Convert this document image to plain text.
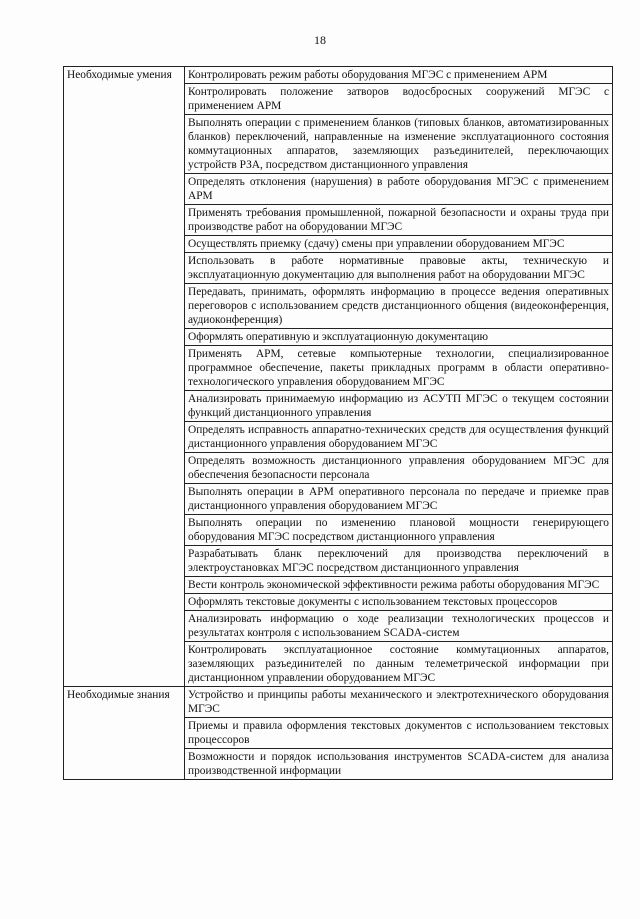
18
Необходимые умения	Контролировать режим работы оборудования МГЭС с применением АРМ
	Контролировать положение затворов водосбросных сооружений МГЭС с применением АРМ
	Выполнять операции с применением бланков (типовых бланков, автоматизированных бланков) переключений, направленные на изменение эксплуатационного состояния коммутационных аппаратов, заземляющих разъединителей, переключающих устройств РЗА, посредством дистанционного управления
	Определять отклонения (нарушения) в работе оборудования МГЭС с применением АРМ
	Применять требования промышленной, пожарной безопасности и охраны труда при производстве работ на оборудовании МГЭС
	Осуществлять приемку (сдачу) смены при управлении оборудованием МГЭС
	Использовать в работе нормативные правовые акты, техническую и эксплуатационную документацию для выполнения работ на оборудовании МГЭС
	Передавать, принимать, оформлять информацию в процессе ведения оперативных переговоров с использованием средств дистанционного общения (видеоконференция, аудиоконференция)
	Оформлять оперативную и эксплуатационную документацию
	Применять АРМ, сетевые компьютерные технологии, специализированное программное обеспечение, пакеты прикладных программ в области оперативно-технологического управления оборудованием МГЭС
	Анализировать принимаемую информацию из АСУТП МГЭС о текущем состоянии функций дистанционного управления
	Определять исправность аппаратно-технических средств для осуществления функций дистанционного управления оборудованием МГЭС
	Определять возможность дистанционного управления оборудованием МГЭС для обеспечения безопасности персонала
	Выполнять операции в АРМ оперативного персонала по передаче и приемке прав дистанционного управления оборудованием МГЭС
	Выполнять операции по изменению плановой мощности генерирующего оборудования МГЭС посредством дистанционного управления
	Разрабатывать бланк переключений для производства переключений в электроустановках МГЭС посредством дистанционного управления
	Вести контроль экономической эффективности режима работы оборудования МГЭС
	Оформлять текстовые документы с использованием текстовых процессоров
	Анализировать информацию о ходе реализации технологических процессов и результатах контроля с использованием SCADA-систем
	Контролировать эксплуатационное состояние коммутационных аппаратов, заземляющих разъединителей по данным телеметрической информации при дистанционном управлении оборудованием МГЭС
Необходимые знания	Устройство и принципы работы механического и электротехнического оборудования МГЭС
	Приемы и правила оформления текстовых документов с использованием текстовых процессоров
	Возможности и порядок использования инструментов SCADA-систем для анализа производственной информации
